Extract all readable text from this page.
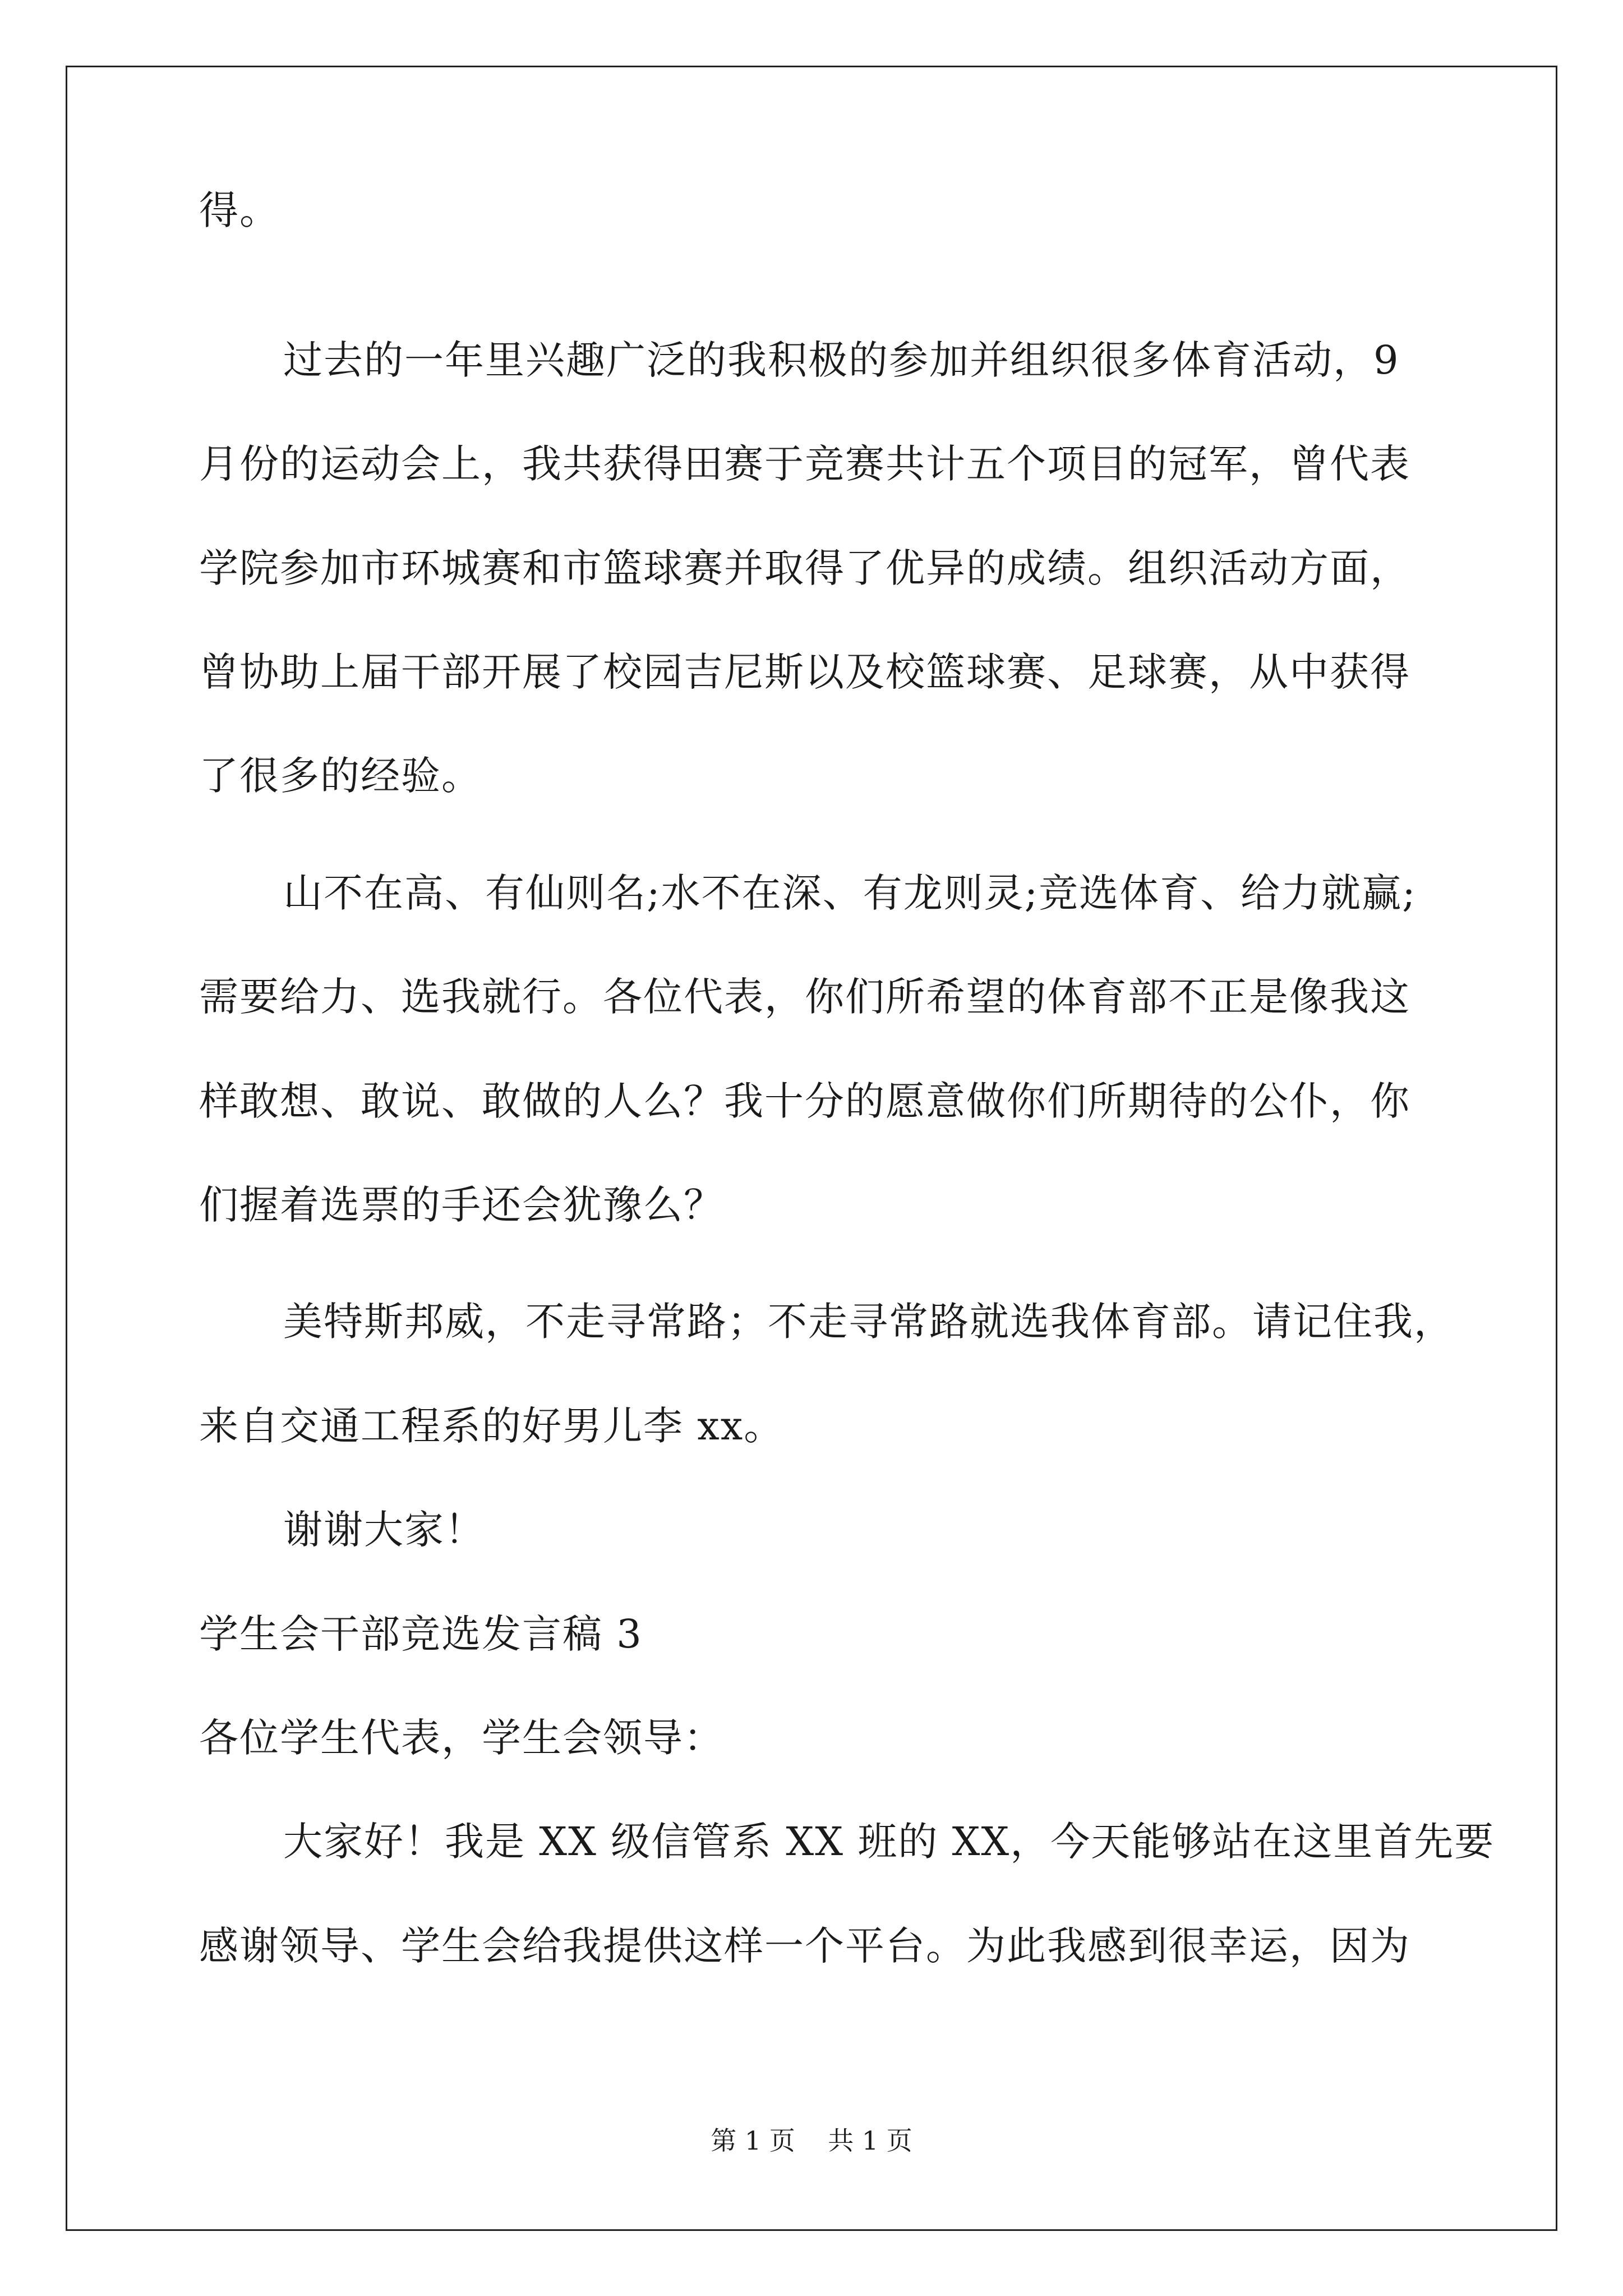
得。
过去的一年里兴趣广泛的我积极的参加并组织很多体育活动，9
月份的运动会上，我共获得田赛于竞赛共计五个项目的冠军，曾代表
学院参加市环城赛和市篮球赛并取得了优异的成绩。组织活动方面，
曾协助上届干部开展了校园吉尼斯以及校篮球赛、足球赛，从中获得
了很多的经验。
山不在高、有仙则名;水不在深、有龙则灵;竞选体育、给力就赢;
需要给力、选我就行。各位代表，你们所希望的体育部不正是像我这
样敢想、敢说、敢做的人么？我十分的愿意做你们所期待的公仆，你
们握着选票的手还会犹豫么？
美特斯邦威，不走寻常路；不走寻常路就选我体育部。请记住我，
来自交通工程系的好男儿李 xx。
谢谢大家！
学生会干部竞选发言稿 3
各位学生代表，学生会领导：
大家好！我是 XX 级信管系 XX 班的 XX，今天能够站在这里首先要
感谢领导、学生会给我提供这样一个平台。为此我感到很幸运，因为
第 1 页    共 1 页
